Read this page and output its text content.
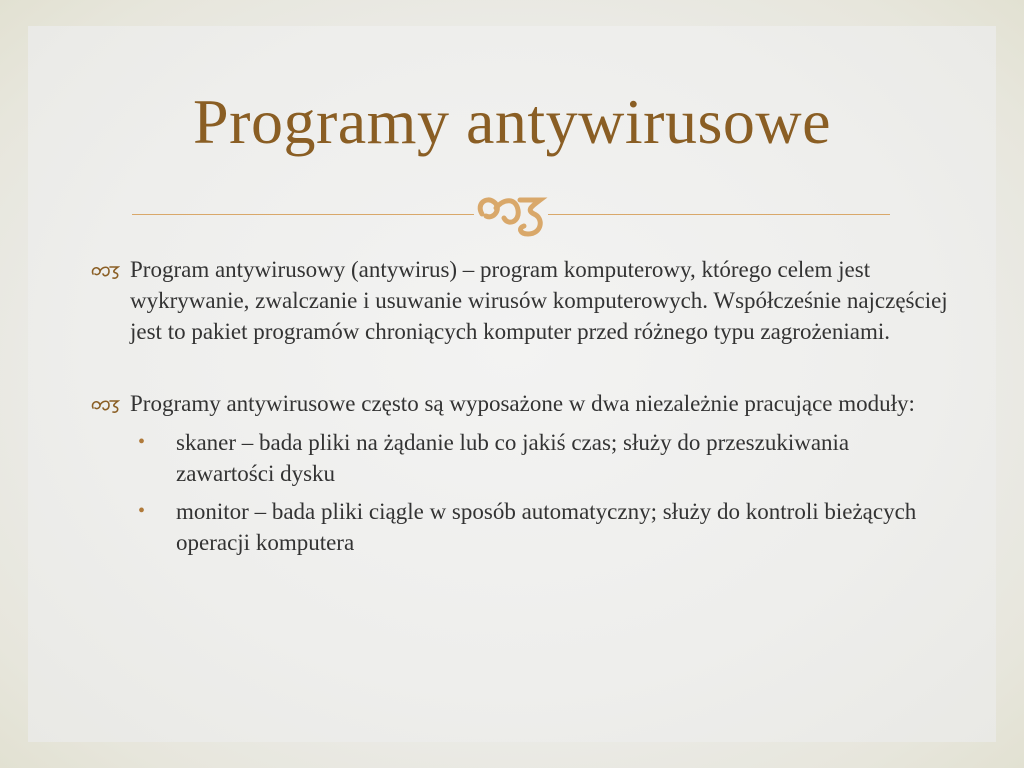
Programy antywirusowe
Program antywirusowy (antywirus) – program komputerowy, którego celem jest wykrywanie, zwalczanie i usuwanie wirusów komputerowych. Współcześnie najczęściej jest to pakiet programów chroniących komputer przed różnego typu zagrożeniami.
Programy antywirusowe często są wyposażone w dwa niezależnie pracujące moduły:
• skaner – bada pliki na żądanie lub co jakiś czas; służy do przeszukiwania zawartości dysku
• monitor – bada pliki ciągle w sposób automatyczny; służy do kontroli bieżących operacji komputera
